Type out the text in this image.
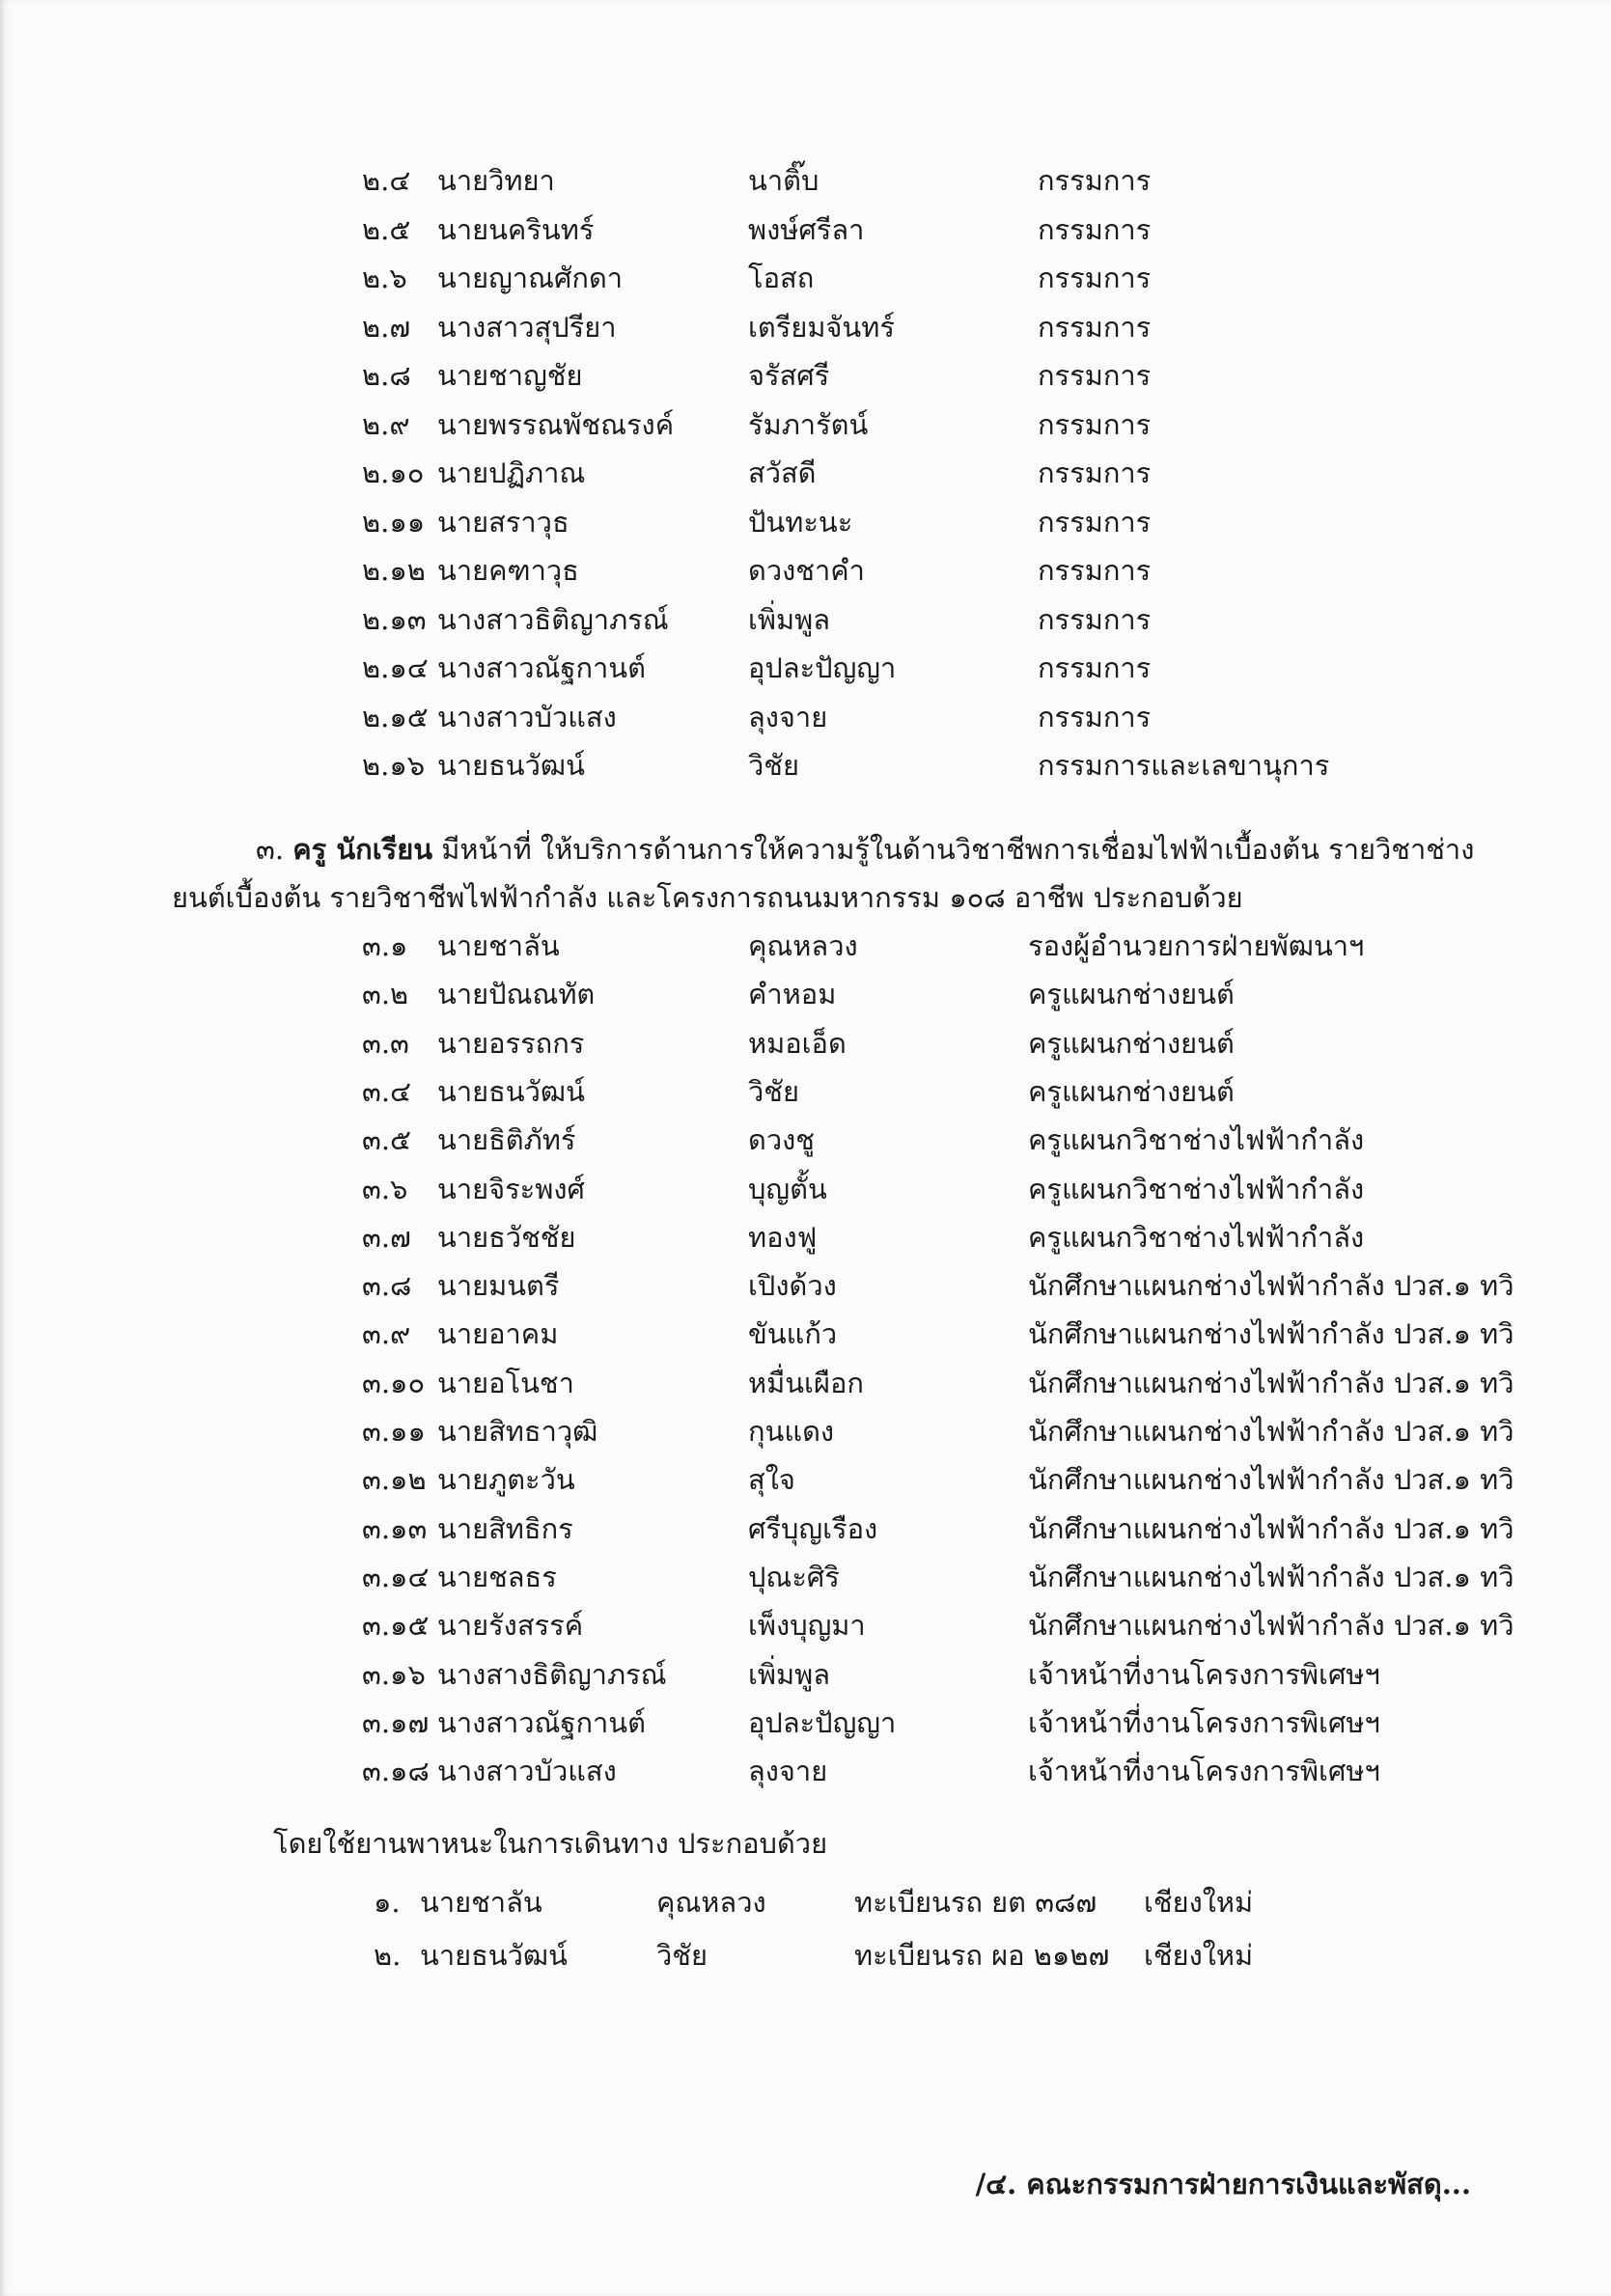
๒.๔ นายวิทยา	นาติ๊บ	กรรมการ
๒.๕ นายนครินทร์	พงษ์ศรีลา	กรรมการ
๒.๖ นายญาณศักดา	โอสถ	กรรมการ
๒.๗ นางสาวสุปรียา	เตรียมจันทร์	กรรมการ
๒.๘ นายชาญชัย	จรัสศรี	กรรมการ
๒.๙ นายพรรณพัชณรงค์	รัมภารัตน์	กรรมการ
๒.๑๐ นายปฏิภาณ	สวัสดี	กรรมการ
๒.๑๑ นายสราวุธ	ปันทะนะ	กรรมการ
๒.๑๒ นายคฑาวุธ	ดวงชาคำ	กรรมการ
๒.๑๓ นางสาวธิติญาภรณ์	เพิ่มพูล	กรรมการ
๒.๑๔ นางสาวณัฐกานต์	อุปละปัญญา	กรรมการ
๒.๑๕ นางสาวบัวแสง	ลุงจาย	กรรมการ
๒.๑๖ นายธนวัฒน์	วิชัย	กรรมการและเลขานุการ
๓. ครู นักเรียน มีหน้าที่ ให้บริการด้านการให้ความรู้ในด้านวิชาชีพการเชื่อมไฟฟ้าเบื้องต้น รายวิชาช่าง
ยนต์เบื้องต้น รายวิชาชีพไฟฟ้ากำลัง และโครงการถนนมหากรรม ๑๐๘ อาชีพ ประกอบด้วย
๓.๑ นายชาลัน	คุณหลวง	รองผู้อำนวยการฝ่ายพัฒนาฯ
๓.๒ นายปัณณทัต	คำหอม	ครูแผนกช่างยนต์
๓.๓ นายอรรถกร	หมอเอ็ด	ครูแผนกช่างยนต์
๓.๔ นายธนวัฒน์	วิชัย	ครูแผนกช่างยนต์
๓.๕ นายธิติภัทร์	ดวงชู	ครูแผนกวิชาช่างไฟฟ้ากำลัง
๓.๖ นายจิระพงศ์	บุญตั้น	ครูแผนกวิชาช่างไฟฟ้ากำลัง
๓.๗ นายธวัชชัย	ทองฟู	ครูแผนกวิชาช่างไฟฟ้ากำลัง
๓.๘ นายมนตรี	เปิงด้วง	นักศึกษาแผนกช่างไฟฟ้ากำลัง ปวส.๑ ทวิ
๓.๙ นายอาคม	ขันแก้ว	นักศึกษาแผนกช่างไฟฟ้ากำลัง ปวส.๑ ทวิ
๓.๑๐ นายอโนชา	หมื่นเผือก	นักศึกษาแผนกช่างไฟฟ้ากำลัง ปวส.๑ ทวิ
๓.๑๑ นายสิทธาวุฒิ	กุนแดง	นักศึกษาแผนกช่างไฟฟ้ากำลัง ปวส.๑ ทวิ
๓.๑๒ นายภูตะวัน	สุใจ	นักศึกษาแผนกช่างไฟฟ้ากำลัง ปวส.๑ ทวิ
๓.๑๓ นายสิทธิกร	ศรีบุญเรือง	นักศึกษาแผนกช่างไฟฟ้ากำลัง ปวส.๑ ทวิ
๓.๑๔ นายชลธร	ปุณะศิริ	นักศึกษาแผนกช่างไฟฟ้ากำลัง ปวส.๑ ทวิ
๓.๑๕ นายรังสรรค์	เพ็งบุญมา	นักศึกษาแผนกช่างไฟฟ้ากำลัง ปวส.๑ ทวิ
๓.๑๖ นางสางธิติญาภรณ์	เพิ่มพูล	เจ้าหน้าที่งานโครงการพิเศษฯ
๓.๑๗ นางสาวณัฐกานต์	อุปละปัญญา	เจ้าหน้าที่งานโครงการพิเศษฯ
๓.๑๘ นางสาวบัวแสง	ลุงจาย	เจ้าหน้าที่งานโครงการพิเศษฯ
โดยใช้ยานพาหนะในการเดินทาง ประกอบด้วย
๑. นายชาลัน	คุณหลวง	ทะเบียนรถ ยต ๓๘๗ เชียงใหม่
๒. นายธนวัฒน์	วิชัย	ทะเบียนรถ ผอ ๒๑๒๗ เชียงใหม่
/๔. คณะกรรมการฝ่ายการเงินและพัสดุ...
